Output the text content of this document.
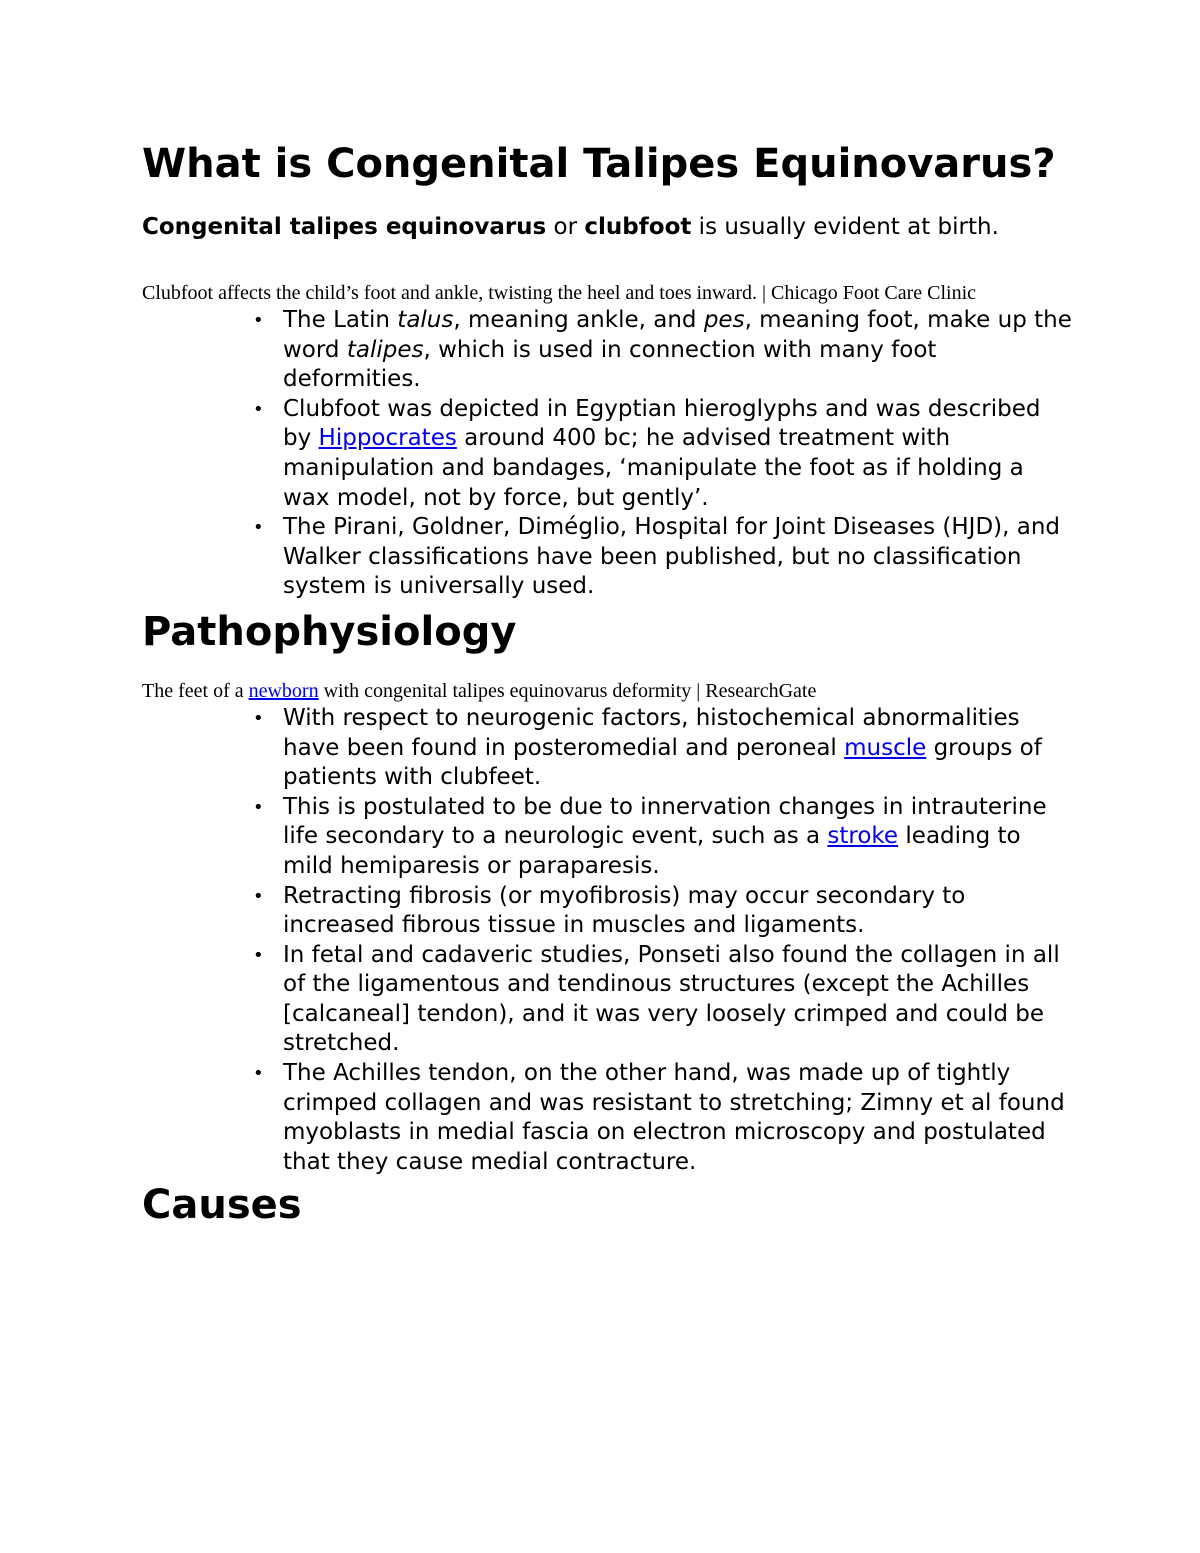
What is Congenital Talipes Equinovarus?

Congenital talipes equinovarus or clubfoot is usually evident at birth.

Clubfoot affects the child’s foot and ankle, twisting the heel and toes inward. | Chicago Foot Care Clinic

• The Latin talus, meaning ankle, and pes, meaning foot, make up the word talipes, which is used in connection with many foot deformities.
• Clubfoot was depicted in Egyptian hieroglyphs and was described by Hippocrates around 400 bc; he advised treatment with manipulation and bandages, ‘manipulate the foot as if holding a wax model, not by force, but gently’.
• The Pirani, Goldner, Diméglio, Hospital for Joint Diseases (HJD), and Walker classifications have been published, but no classification system is universally used.
Pathophysiology

The feet of a newborn with congenital talipes equinovarus deformity | ResearchGate

• With respect to neurogenic factors, histochemical abnormalities have been found in posteromedial and peroneal muscle groups of patients with clubfeet.
• This is postulated to be due to innervation changes in intrauterine life secondary to a neurologic event, such as a stroke leading to mild hemiparesis or paraparesis.
• Retracting fibrosis (or myofibrosis) may occur secondary to increased fibrous tissue in muscles and ligaments.
• In fetal and cadaveric studies, Ponseti also found the collagen in all of the ligamentous and tendinous structures (except the Achilles [calcaneal] tendon), and it was very loosely crimped and could be stretched.
• The Achilles tendon, on the other hand, was made up of tightly crimped collagen and was resistant to stretching; Zimny et al found myoblasts in medial fascia on electron microscopy and postulated that they cause medial contracture.
Causes
